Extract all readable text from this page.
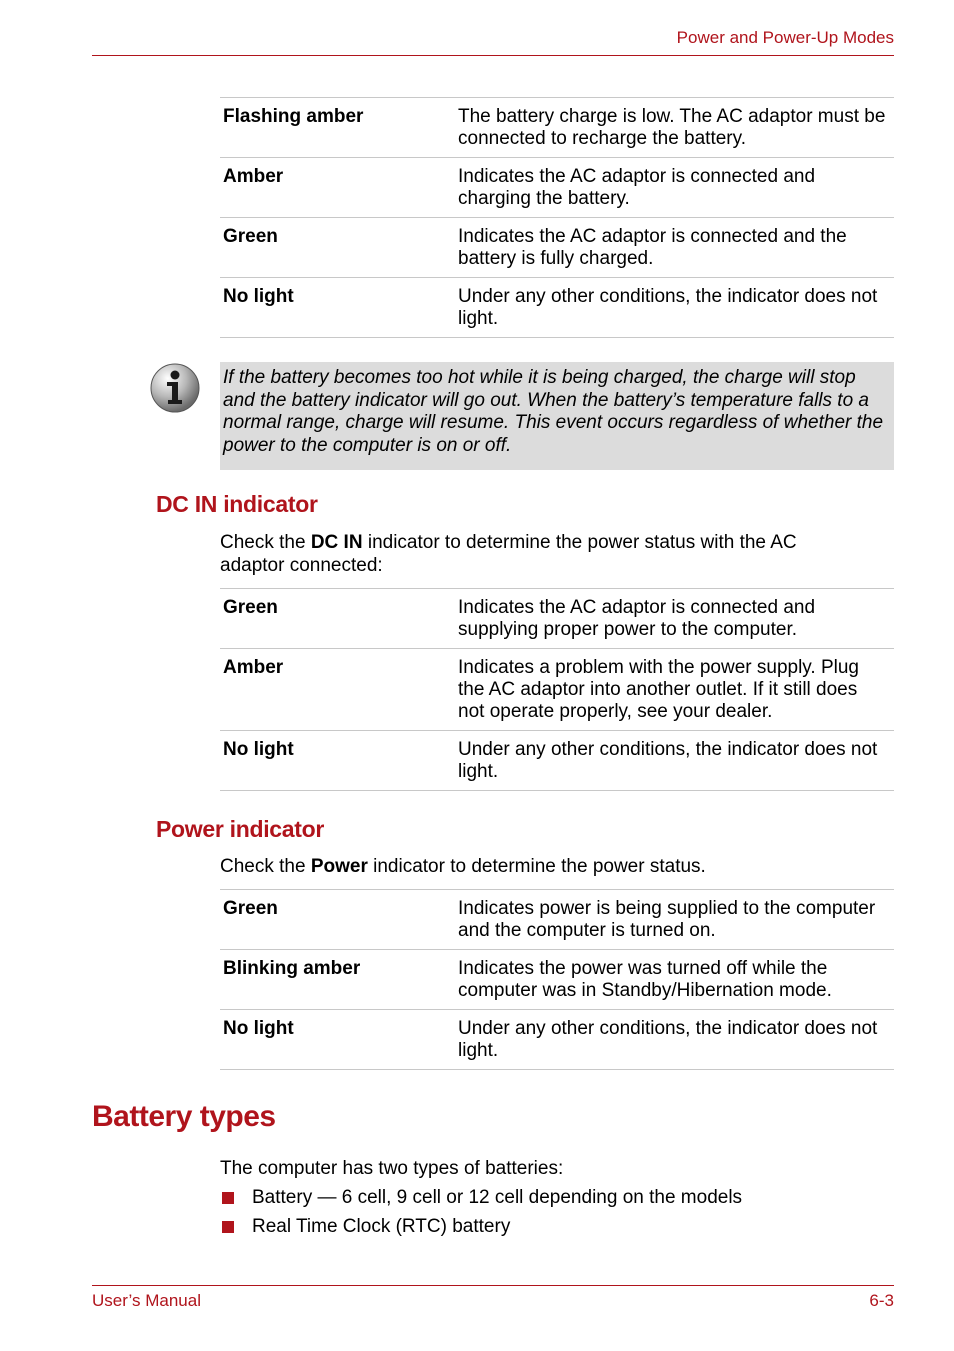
Power and Power-Up Modes
Flashing amber	The battery charge is low. The AC adaptor must be connected to recharge the battery.
Amber	Indicates the AC adaptor is connected and charging the battery.
Green	Indicates the AC adaptor is connected and the battery is fully charged.
No light	Under any other conditions, the indicator does not light.
If the battery becomes too hot while it is being charged, the charge will stop and the battery indicator will go out. When the battery’s temperature falls to a normal range, charge will resume. This event occurs regardless of whether the power to the computer is on or off.
DC IN indicator
Check the DC IN indicator to determine the power status with the AC adaptor connected:
Green	Indicates the AC adaptor is connected and supplying proper power to the computer.
Amber	Indicates a problem with the power supply. Plug the AC adaptor into another outlet. If it still does not operate properly, see your dealer.
No light	Under any other conditions, the indicator does not light.
Power indicator
Check the Power indicator to determine the power status.
Green	Indicates power is being supplied to the computer and the computer is turned on.
Blinking amber	Indicates the power was turned off while the computer was in Standby/Hibernation mode.
No light	Under any other conditions, the indicator does not light.
Battery types
The computer has two types of batteries:
Battery — 6 cell, 9 cell or 12 cell depending on the models
Real Time Clock (RTC) battery
User’s Manual	6-3
